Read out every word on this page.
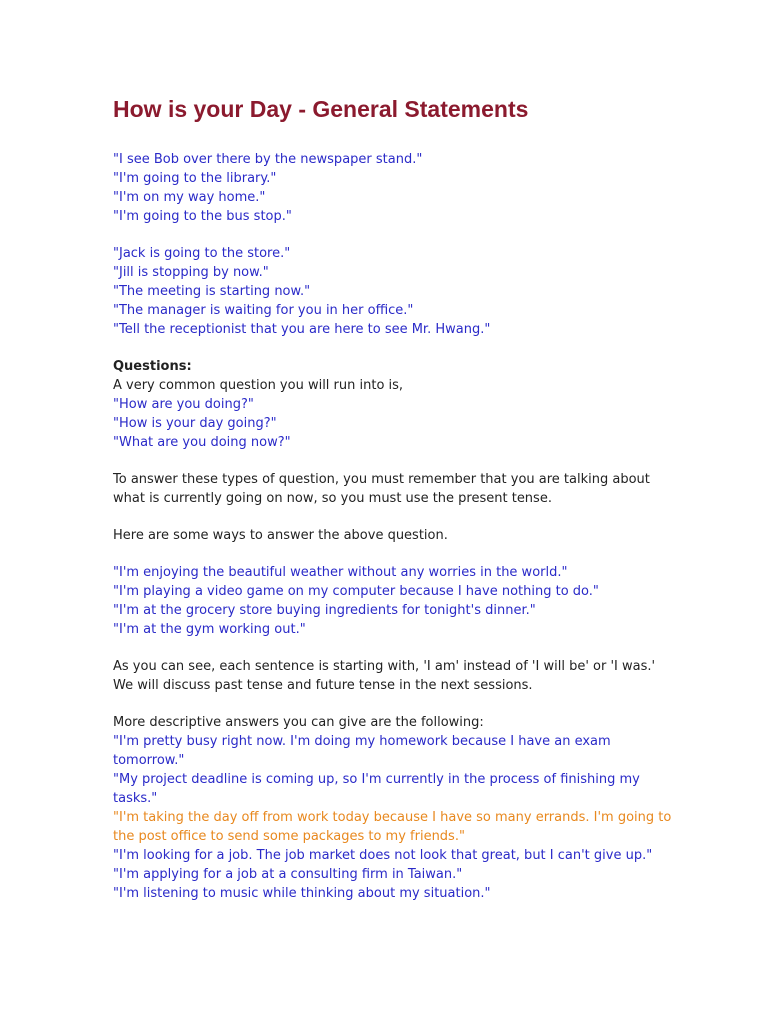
How is your Day - General Statements
"I see Bob over there by the newspaper stand."
"I'm going to the library."
"I'm on my way home."
"I'm going to the bus stop."
"Jack is going to the store."
"Jill is stopping by now."
"The meeting is starting now."
"The manager is waiting for you in her office."
"Tell the receptionist that you are here to see Mr. Hwang."
Questions:
A very common question you will run into is,
"How are you doing?"
"How is your day going?"
"What are you doing now?"
To answer these types of question, you must remember that you are talking about what is currently going on now, so you must use the present tense.
Here are some ways to answer the above question.
"I'm enjoying the beautiful weather without any worries in the world."
"I'm playing a video game on my computer because I have nothing to do."
"I'm at the grocery store buying ingredients for tonight's dinner."
"I'm at the gym working out."
As you can see, each sentence is starting with, 'I am' instead of 'I will be' or 'I was.' We will discuss past tense and future tense in the next sessions.
More descriptive answers you can give are the following:
"I'm pretty busy right now. I'm doing my homework because I have an exam tomorrow."
"My project deadline is coming up, so I'm currently in the process of finishing my tasks."
"I'm taking the day off from work today because I have so many errands. I'm going to the post office to send some packages to my friends."
"I'm looking for a job. The job market does not look that great, but I can't give up."
"I'm applying for a job at a consulting firm in Taiwan."
"I'm listening to music while thinking about my situation."
